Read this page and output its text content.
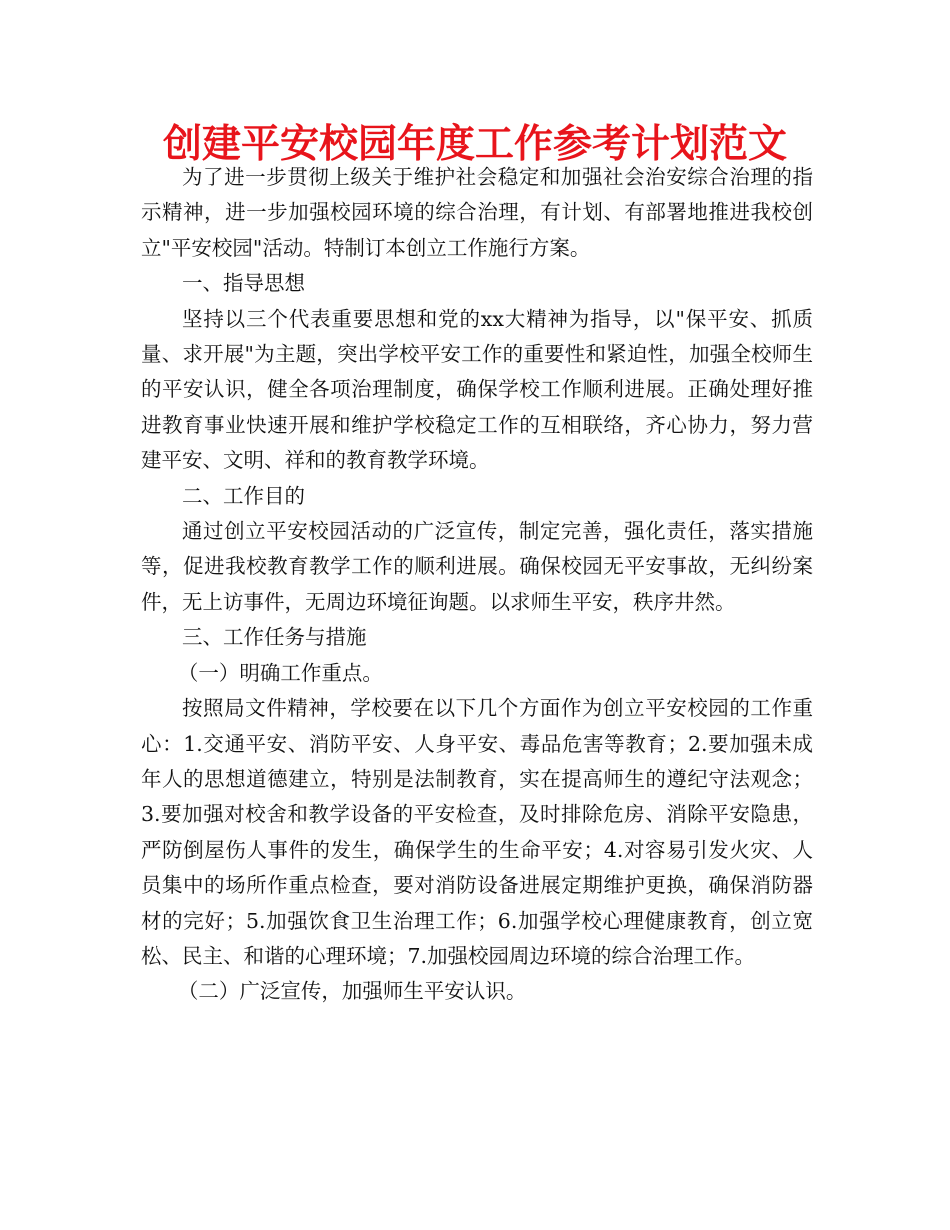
创建平安校园年度工作参考计划范文

为了进一步贯彻上级关于维护社会稳定和加强社会治安综合治理的指示精神，进一步加强校园环境的综合治理，有计划、有部署地推进我校创立"平安校园"活动。特制订本创立工作施行方案。

一、指导思想

坚持以三个代表重要思想和党的xx大精神为指导，以"保平安、抓质量、求开展"为主题，突出学校平安工作的重要性和紧迫性，加强全校师生的平安认识，健全各项治理制度，确保学校工作顺利进展。正确处理好推进教育事业快速开展和维护学校稳定工作的互相联络，齐心协力，努力营建平安、文明、祥和的教育教学环境。

二、工作目的

通过创立平安校园活动的广泛宣传，制定完善，强化责任，落实措施等，促进我校教育教学工作的顺利进展。确保校园无平安事故，无纠纷案件，无上访事件，无周边环境征询题。以求师生平安，秩序井然。

三、工作任务与措施

（一）明确工作重点。

按照局文件精神，学校要在以下几个方面作为创立平安校园的工作重心：1.交通平安、消防平安、人身平安、毒品危害等教育；2.要加强未成年人的思想道德建立，特别是法制教育，实在提高师生的遵纪守法观念；3.要加强对校舍和教学设备的平安检查，及时排除危房、消除平安隐患，严防倒屋伤人事件的发生，确保学生的生命平安；4.对容易引发火灾、人员集中的场所作重点检查，要对消防设备进展定期维护更换，确保消防器材的完好；5.加强饮食卫生治理工作；6.加强学校心理健康教育，创立宽松、民主、和谐的心理环境；7.加强校园周边环境的综合治理工作。

（二）广泛宣传，加强师生平安认识。
